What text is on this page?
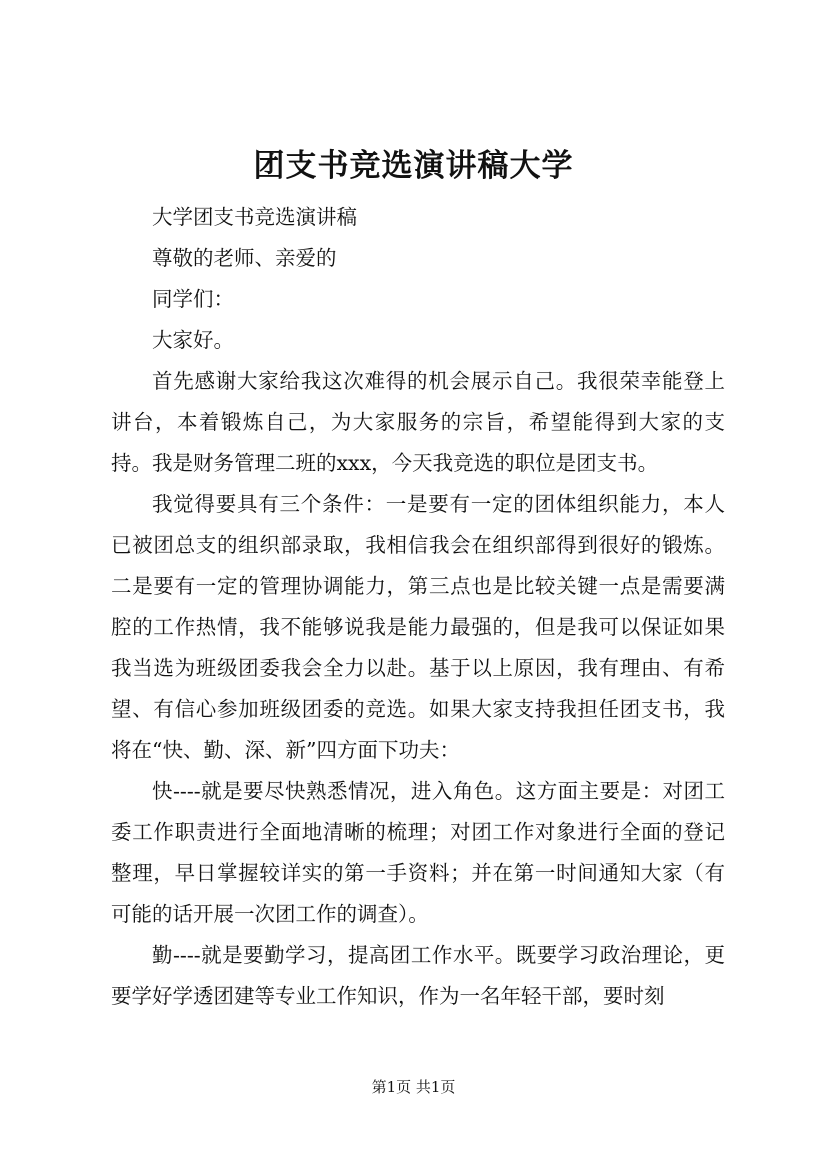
团支书竞选演讲稿大学

大学团支书竞选演讲稿

尊敬的老师、亲爱的

同学们：

大家好。

首先感谢大家给我这次难得的机会展示自己。我很荣幸能登上讲台，本着锻炼自己，为大家服务的宗旨，希望能得到大家的支持。我是财务管理二班的xxx，今天我竞选的职位是团支书。

我觉得要具有三个条件：一是要有一定的团体组织能力，本人已被团总支的组织部录取，我相信我会在组织部得到很好的锻炼。二是要有一定的管理协调能力，第三点也是比较关键一点是需要满腔的工作热情，我不能够说我是能力最强的，但是我可以保证如果我当选为班级团委我会全力以赴。基于以上原因，我有理由、有希望、有信心参加班级团委的竞选。如果大家支持我担任团支书，我将在“快、勤、深、新”四方面下功夫：

快----就是要尽快熟悉情况，进入角色。这方面主要是：对团工委工作职责进行全面地清晰的梳理；对团工作对象进行全面的登记整理，早日掌握较详实的第一手资料；并在第一时间通知大家（有可能的话开展一次团工作的调查）。

勤----就是要勤学习，提高团工作水平。既要学习政治理论，更要学好学透团建等专业工作知识，作为一名年轻干部，要时刻

第1页 共1页
